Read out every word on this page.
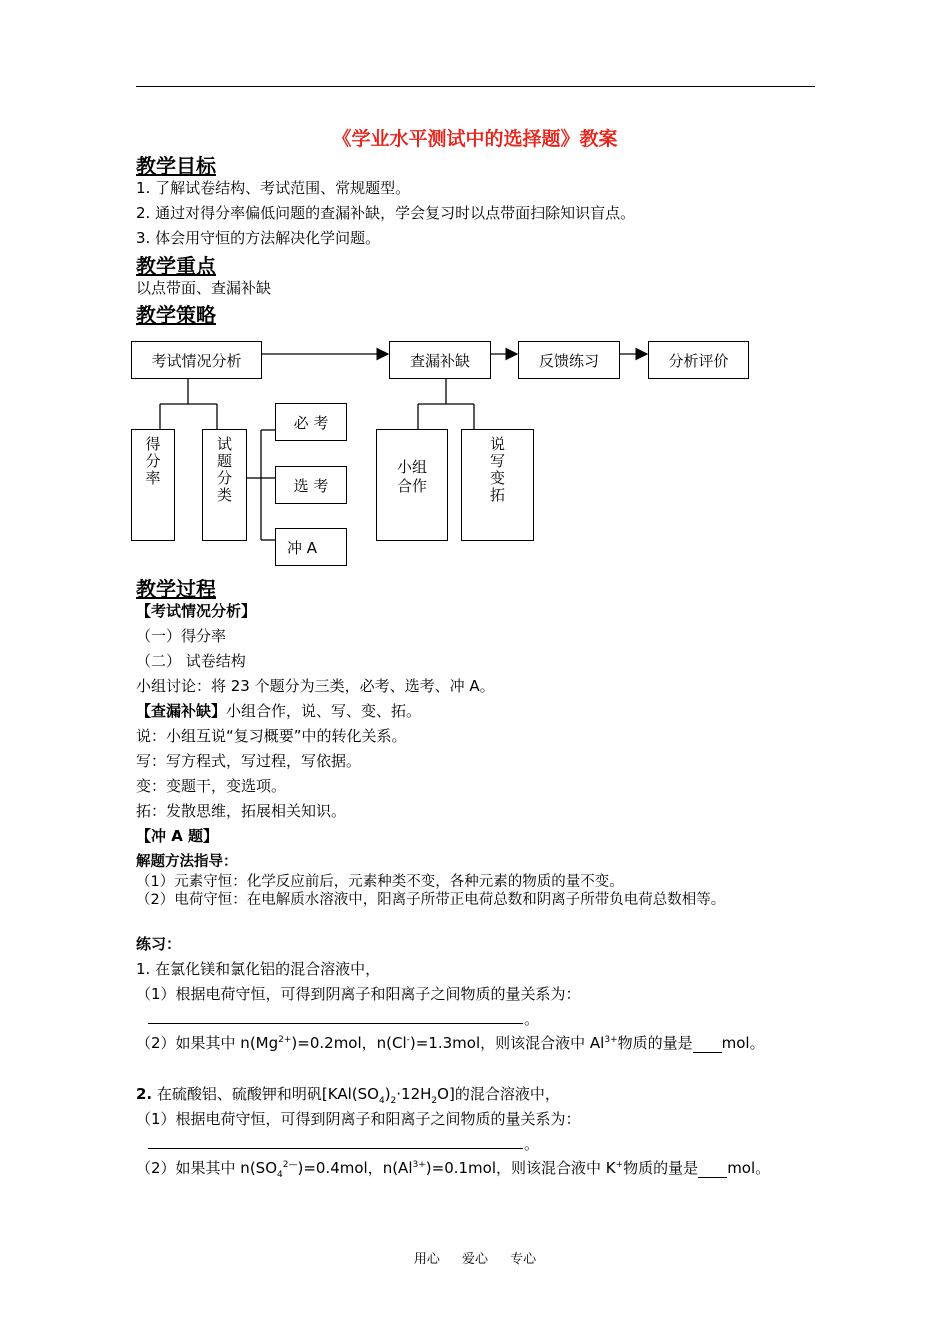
《学业水平测试中的选择题》教案
教学目标
1. 了解试卷结构、考试范围、常规题型。
2. 通过对得分率偏低问题的查漏补缺，学会复习时以点带面扫除知识盲点。
3. 体会用守恒的方法解决化学问题。
教学重点
以点带面、查漏补缺
教学策略
考试情况分析	查漏补缺	反馈练习	分析评价
得分率	试题分类
必 考
选 考
冲 A
小组合作	说写变拓
教学过程
【考试情况分析】
（一）得分率
（二） 试卷结构
小组讨论：将 23 个题分为三类，必考、选考、冲 A。
【查漏补缺】小组合作，说、写、变、拓。
说：小组互说“复习概要”中的转化关系。
写：写方程式，写过程，写依据。
变：变题干，变选项。
拓：发散思维，拓展相关知识。
【冲 A 题】
解题方法指导：
（1）元素守恒：化学反应前后，元素种类不变，各种元素的物质的量不变。
（2）电荷守恒：在电解质水溶液中，阳离子所带正电荷总数和阴离子所带负电荷总数相等。
练习：
1. 在氯化镁和氯化铝的混合溶液中，
（1）根据电荷守恒，可得到阴离子和阳离子之间物质的量关系为：
。
（2）如果其中 $n(Mg^{2+})=0.2mol$，n(Cl-)=1.3mol，则该混合液中 $Al^{3+}$物质的量是 mol。
2. 在硫酸铝、硫酸钾和明矾$[KAl(SO_4)_2\cdot 12H_2O]$的混合溶液中，
（1）根据电荷守恒，可得到阴离子和阳离子之间物质的量关系为：
。
（2）如果其中 $n(SO_4^{2—})=0.4mol$，$n(Al^{3+})=0.1mol$，则该混合液中 K+物质的量是 mol。
用心 爱心 专心
